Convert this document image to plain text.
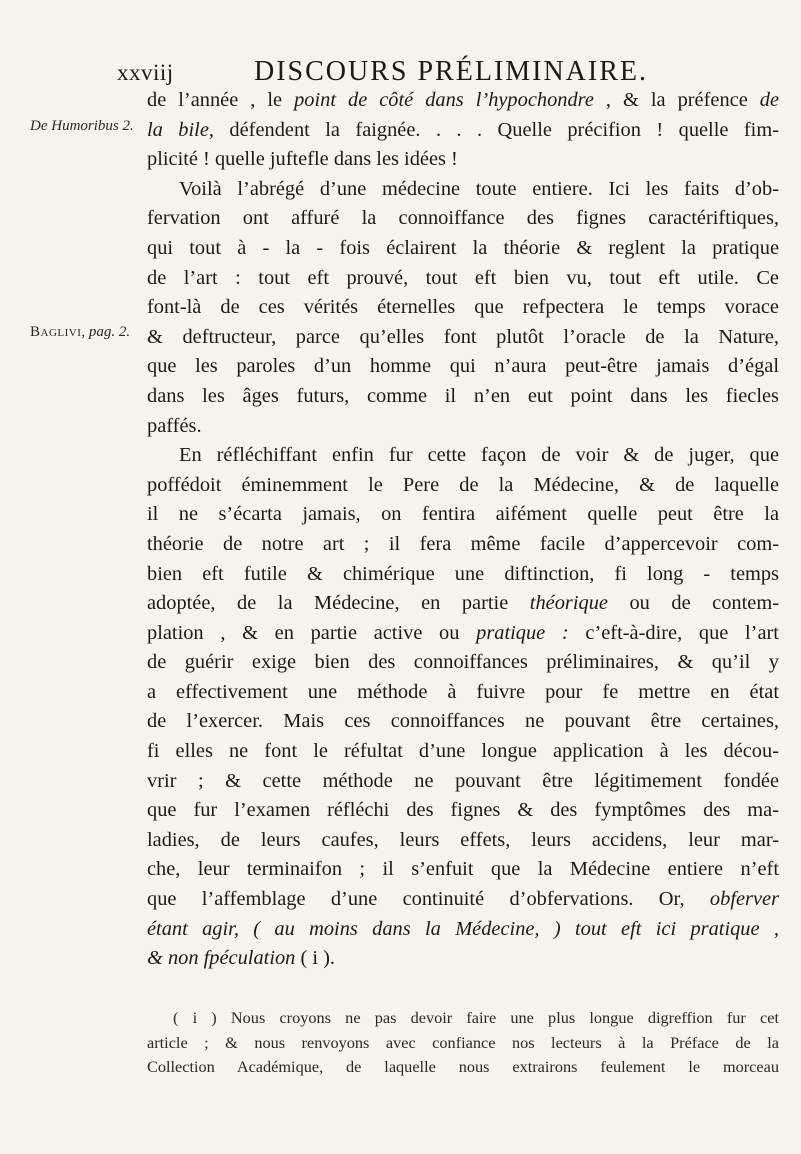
xxviij	DISCOURS PRÉLIMINAIRE.
De Humoribus 2.
Baglivi, pag. 2.
de l’année , le point de côté dans l’hypochondre , & la préfence de
la bile, défendent la faignée. . . . Quelle précifion ! quelle fim-
plicité ! quelle juftefle dans les idées !
Voilà l’abrégé d’une médecine toute entiere. Ici les faits d’ob-
fervation ont affuré la connoiffance des fignes caractériftiques,
qui tout à - la - fois éclairent la théorie & reglent la pratique
de l’art : tout eft prouvé, tout eft bien vu, tout eft utile. Ce
font-là de ces vérités éternelles que refpectera le temps vorace
& deftructeur, parce qu’elles font plutôt l’oracle de la Nature,
que les paroles d’un homme qui n’aura peut-être jamais d’égal
dans les âges futurs, comme il n’en eut point dans les fiecles
paffés.
En réfléchiffant enfin fur cette façon de voir & de juger, que
poffédoit éminemment le Pere de la Médecine, & de laquelle
il ne s’écarta jamais, on fentira aifément quelle peut être la
théorie de notre art ; il fera même facile d’appercevoir com-
bien eft futile & chimérique une diftinction, fi long - temps
adoptée, de la Médecine, en partie théorique ou de contem-
plation , & en partie active ou pratique : c’eft-à-dire, que l’art
de guérir exige bien des connoiffances préliminaires, & qu’il y
a effectivement une méthode à fuivre pour fe mettre en état
de l’exercer. Mais ces connoiffances ne pouvant être certaines,
fi elles ne font le réfultat d’une longue application à les décou-
vrir ; & cette méthode ne pouvant être légitimement fondée
que fur l’examen réfléchi des fignes & des fymptômes des ma-
ladies, de leurs caufes, leurs effets, leurs accidens, leur mar-
che, leur terminaifon ; il s’enfuit que la Médecine entiere n’eft
que l’affemblage d’une continuité d’obfervations. Or, obferver
étant agir, ( au moins dans la Médecine, ) tout eft ici pratique ,
& non fpéculation ( i ).
( i ) Nous croyons ne pas devoir faire une plus longue digreffion fur cet
article ; & nous renvoyons avec confiance nos lecteurs à la Préface de la
Collection Académique, de laquelle nous extrairons feulement le morceau
